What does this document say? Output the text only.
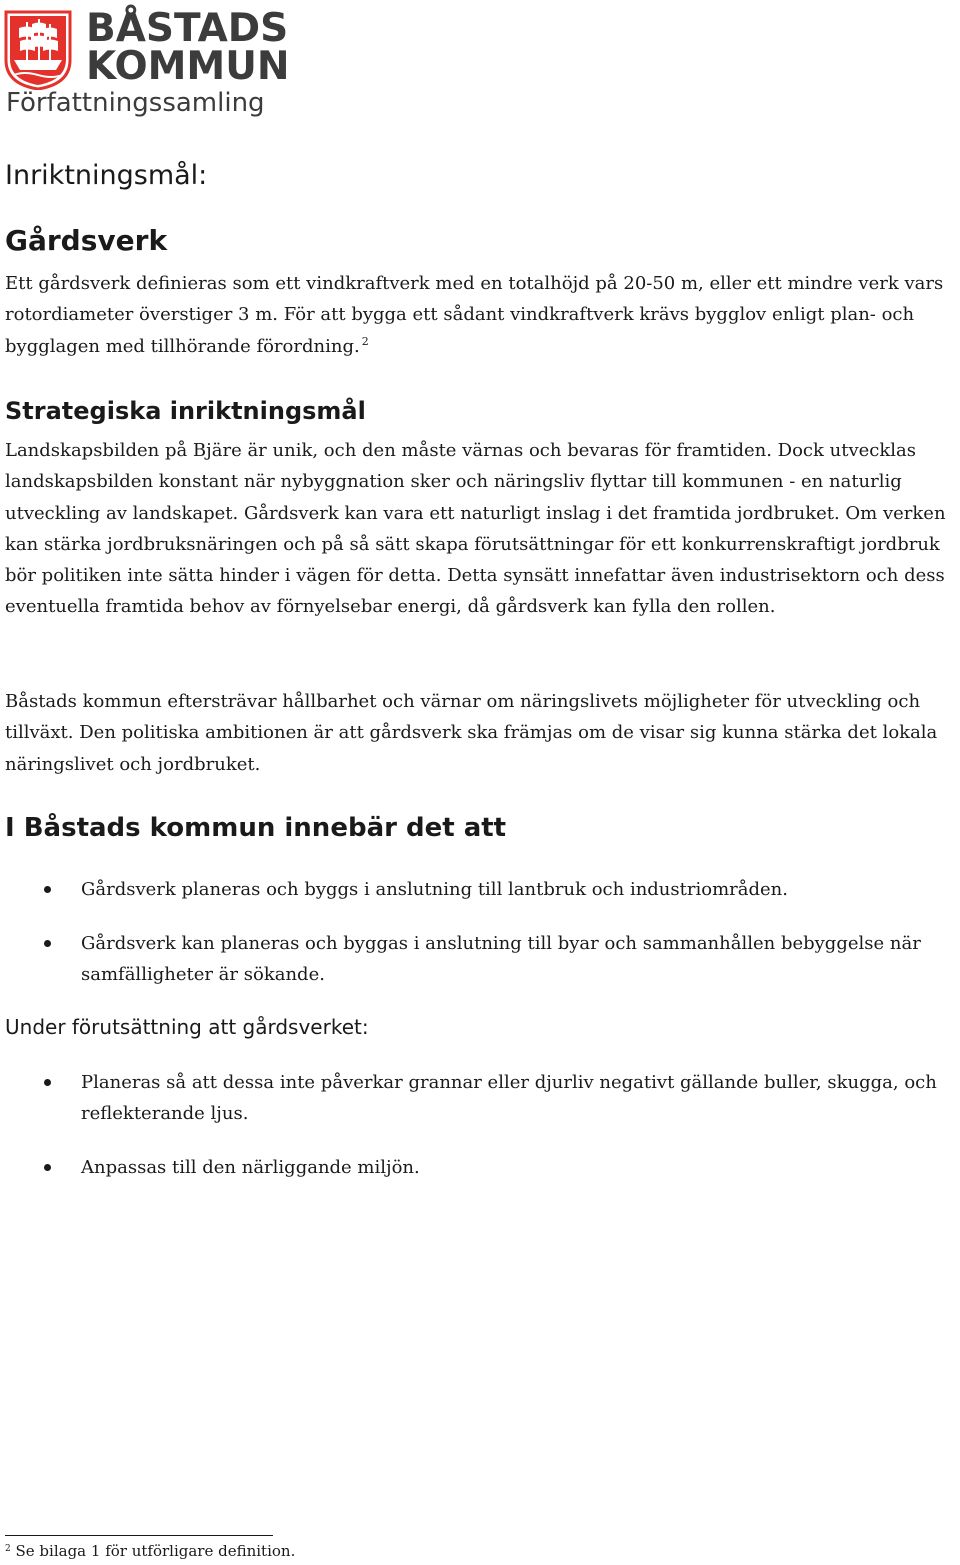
BÅSTADS
KOMMUN
Författningssamling
Inriktningsmål:
Gårdsverk

Ett gårdsverk definieras som ett vindkraftverk med en totalhöjd på 20-50 m, eller ett mindre verk vars rotordiameter överstiger 3 m. För att bygga ett sådant vindkraftverk krävs bygglov enligt plan- och bygglagen med tillhörande förordning. $^2$

Strategiska inriktningsmål

Landskapsbilden på Bjäre är unik, och den måste värnas och bevaras för framtiden. Dock utvecklas landskapsbilden konstant när nybyggnation sker och näringsliv flyttar till kommunen - en naturlig utveckling av landskapet. Gårdsverk kan vara ett naturligt inslag i det framtida jordbruket. Om verken kan stärka jordbruksnäringen och på så sätt skapa förutsättningar för ett konkurrenskraftigt jordbruk bör politiken inte sätta hinder i vägen för detta. Detta synsätt innefattar även industrisektorn och dess eventuella framtida behov av förnyelsebar energi, då gårdsverk kan fylla den rollen.

Båstads kommun eftersträvar hållbarhet och värnar om näringslivets möjligheter för utveckling och tillväxt. Den politiska ambitionen är att gårdsverk ska främjas om de visar sig kunna stärka det lokala näringslivet och jordbruket.

I Båstads kommun innebär det att
Gårdsverk planeras och byggs i anslutning till lantbruk och industriområden.
Gårdsverk kan planeras och byggas i anslutning till byar och sammanhållen bebyggelse när samfälligheter är sökande.
Under förutsättning att gårdsverket:
Planeras så att dessa inte påverkar grannar eller djurliv negativt gällande buller, skugga, och reflekterande ljus.
Anpassas till den närliggande miljön.
$^2$ Se bilaga 1 för utförligare definition.
